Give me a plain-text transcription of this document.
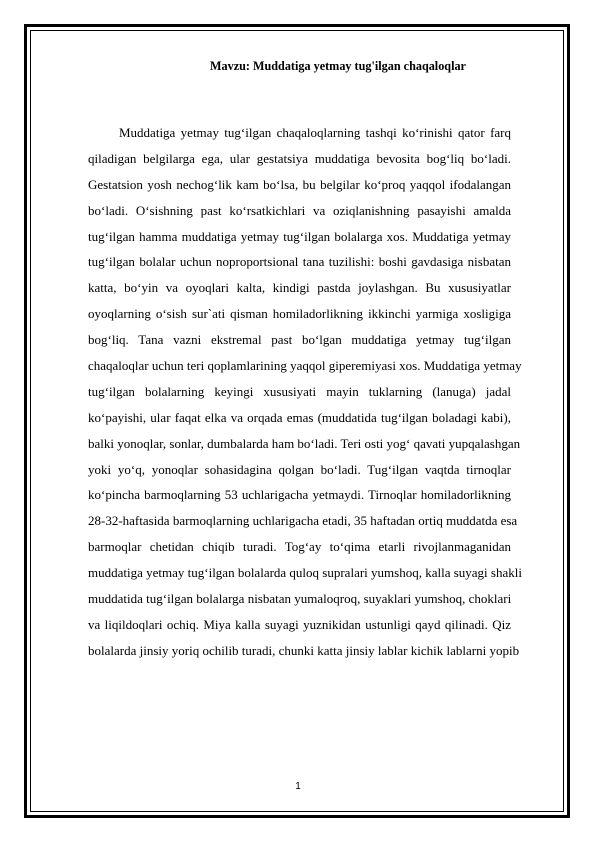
Mavzu: Muddatiga yetmay tug'ilgan chaqaloqlar
Muddatiga yetmay tug‘ilgan chaqaloqlarning tashqi ko‘rinishi qator farq
qiladigan belgilarga ega, ular gestatsiya muddatiga bevosita bog‘liq bo‘ladi.
Gestatsion yosh nechog‘lik kam bo‘lsa, bu belgilar ko‘proq yaqqol ifodalangan
bo‘ladi. O‘sishning past ko‘rsatkichlari va oziqlanishning pasayishi amalda
tug‘ilgan hamma muddatiga yetmay tug‘ilgan bolalarga xos. Muddatiga yetmay
tug‘ilgan bolalar uchun noproportsional tana tuzilishi: boshi gavdasiga nisbatan
katta, bo‘yin va oyoqlari kalta, kindigi pastda joylashgan. Bu xususiyatlar
oyoqlarning o‘sish sur`ati qisman homiladorlikning ikkinchi yarmiga xosligiga
bog‘liq. Tana vazni ekstremal past bo‘lgan muddatiga yetmay tug‘ilgan
chaqaloqlar uchun teri qoplamlarining yaqqol giperemiyasi xos. Muddatiga yetmay
tug‘ilgan bolalarning keyingi xususiyati mayin tuklarning (lanuga) jadal
ko‘payishi, ular faqat elka va orqada emas (muddatida tug‘ilgan boladagi kabi),
balki yonoqlar, sonlar, dumbalarda ham bo‘ladi. Teri osti yog‘ qavati yupqalashgan
yoki yo‘q, yonoqlar sohasidagina qolgan bo‘ladi. Tug‘ilgan vaqtda tirnoqlar
ko‘pincha barmoqlarning 53 uchlarigacha yetmaydi. Tirnoqlar homiladorlikning
28-32-haftasida barmoqlarning uchlarigacha etadi, 35 haftadan ortiq muddatda esa
barmoqlar chetidan chiqib turadi. Tog‘ay to‘qima etarli rivojlanmaganidan
muddatiga yetmay tug‘ilgan bolalarda quloq supralari yumshoq, kalla suyagi shakli
muddatida tug‘ilgan bolalarga nisbatan yumaloqroq, suyaklari yumshoq, choklari
va liqildoqlari ochiq. Miya kalla suyagi yuznikidan ustunligi qayd qilinadi. Qiz
bolalarda jinsiy yoriq ochilib turadi, chunki katta jinsiy lablar kichik lablarni yopib
1
